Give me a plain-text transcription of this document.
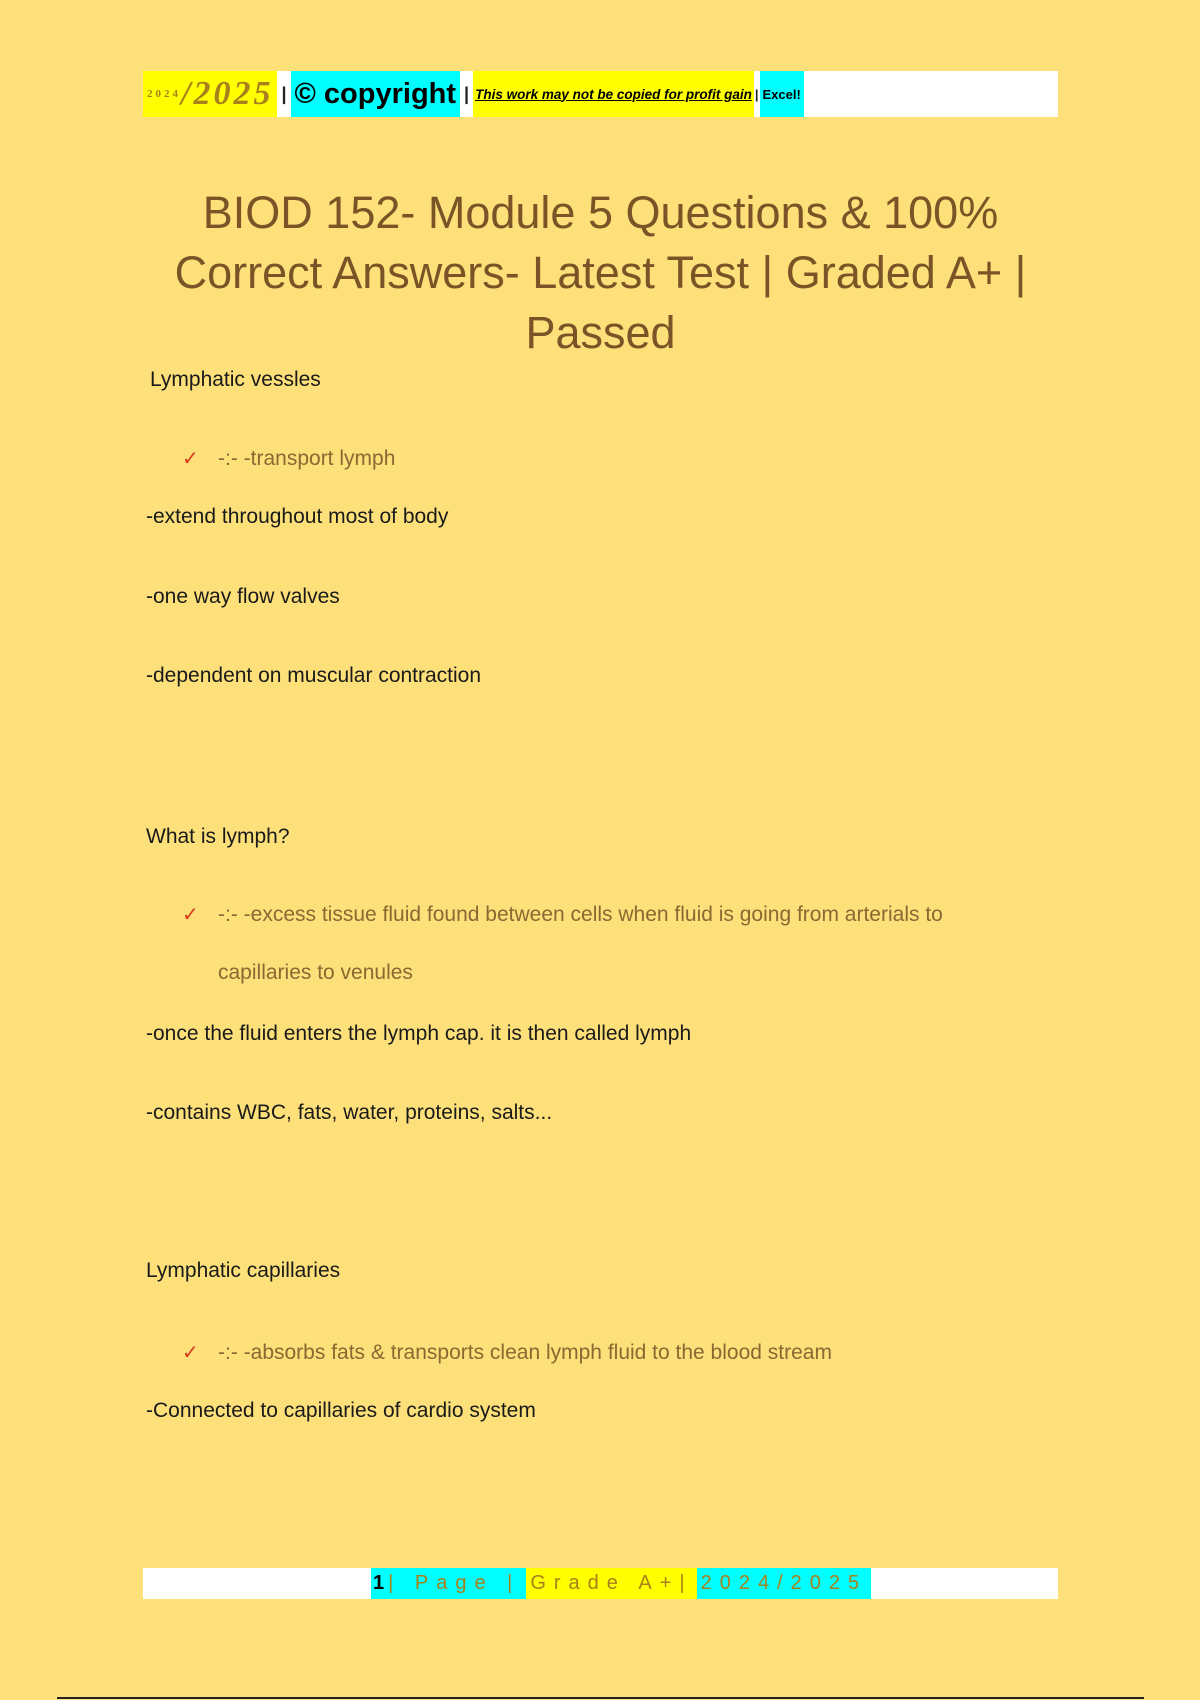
2024 /2025 | © copyright | This work may not be copied for profit gain | Excel!
BIOD 152- Module 5 Questions & 100%
Correct Answers- Latest Test | Graded A+ |
Passed
Lymphatic vessles
✓ -:- -transport lymph
-extend throughout most of body
-one way flow valves
-dependent on muscular contraction
What is lymph?
✓ -:- -excess tissue fluid found between cells when fluid is going from arterials to
capillaries to venules
-once the fluid enters the lymph cap. it is then called lymph
-contains WBC, fats, water, proteins, salts...
Lymphatic capillaries
✓ -:- -absorbs fats & transports clean lymph fluid to the blood stream
-Connected to capillaries of cardio system
1 | Page | Grade A+| 2024/2025
